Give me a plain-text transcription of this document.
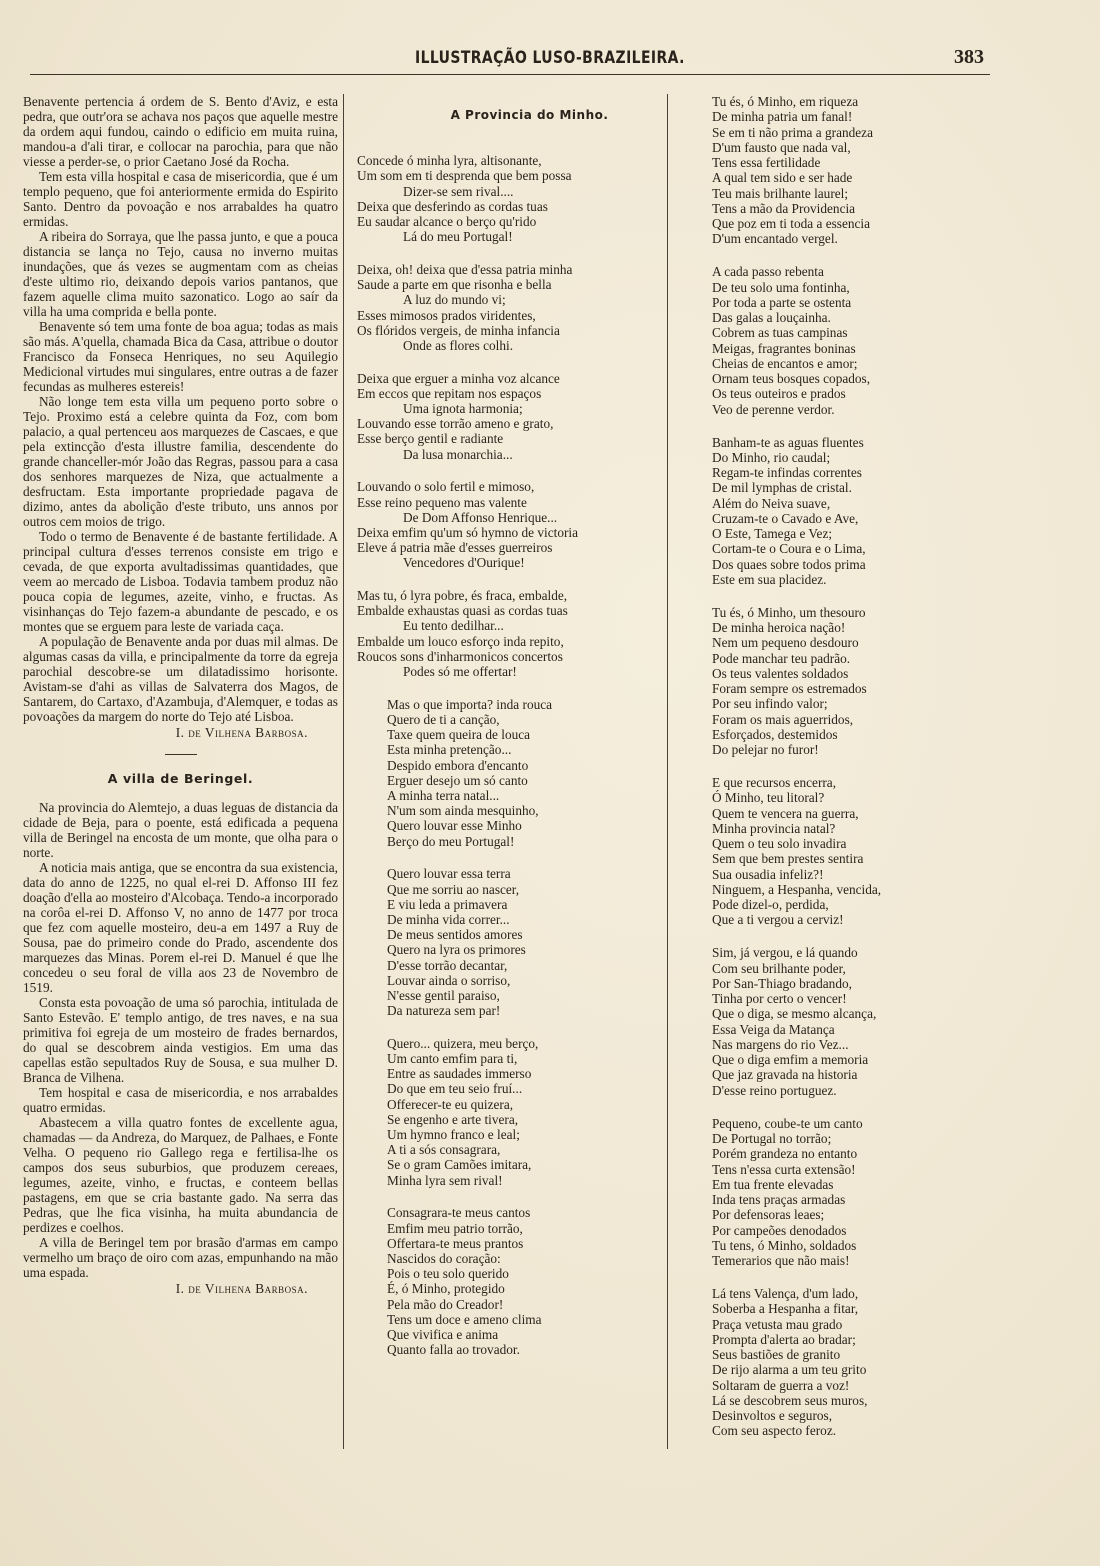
ILLUSTRAÇÃO LUSO-BRAZILEIRA.	383

Benavente pertencia á ordem de S. Bento d'Aviz, e esta pedra, que outr'ora se achava nos paços que aquelle mestre da ordem aqui fundou, caindo o edificio em muita ruina, mandou-a d'ali tirar, e collocar na parochia, para que não viesse a perder-se, o prior Caetano José da Rocha.

Tem esta villa hospital e casa de misericordia, que é um templo pequeno, que foi anteriormente ermida do Espirito Santo. Dentro da povoação e nos arrabaldes ha quatro ermidas.

A ribeira do Sorraya, que lhe passa junto, e que a pouca distancia se lança no Tejo, causa no inverno muitas inundações, que ás vezes se augmentam com as cheias d'este ultimo rio, deixando depois varios pantanos, que fazem aquelle clima muito sazonatico. Logo ao saír da villa ha uma comprida e bella ponte.

Benavente só tem uma fonte de boa agua; todas as mais são más. A'quella, chamada Bica da Casa, attribue o doutor Francisco da Fonseca Henriques, no seu Aquilegio Medicional virtudes mui singulares, entre outras a de fazer fecundas as mulheres estereis!

Não longe tem esta villa um pequeno porto sobre o Tejo. Proximo está a celebre quinta da Foz, com bom palacio, a qual pertenceu aos marquezes de Cascaes, e que pela extincção d'esta illustre familia, descendente do grande chanceller-mór João das Regras, passou para a casa dos senhores marquezes de Niza, que actualmente a desfructam. Esta importante propriedade pagava de dizimo, antes da abolição d'este tributo, uns annos por outros cem moios de trigo.

Todo o termo de Benavente é de bastante fertilidade. A principal cultura d'esses terrenos consiste em trigo e cevada, de que exporta avultadissimas quantidades, que veem ao mercado de Lisboa. Todavia tambem produz não pouca copia de legumes, azeite, vinho, e fructas. As visinhanças do Tejo fazem-a abundante de pescado, e os montes que se erguem para leste de variada caça.

A população de Benavente anda por duas mil almas. De algumas casas da villa, e principalmente da torre da egreja parochial descobre-se um dilatadissimo horisonte. Avistam-se d'ahi as villas de Salvaterra dos Magos, de Santarem, do Cartaxo, d'Azambuja, d'Alemquer, e todas as povoações da margem do norte do Tejo até Lisboa.

I. de Vilhena Barbosa.
A villa de Beringel.

Na provincia do Alemtejo, a duas leguas de distancia da cidade de Beja, para o poente, está edificada a pequena villa de Beringel na encosta de um monte, que olha para o norte.

A noticia mais antiga, que se encontra da sua existencia, data do anno de 1225, no qual el-rei D. Affonso III fez doação d'ella ao mosteiro d'Alcobaça. Tendo-a incorporado na corôa el-rei D. Affonso V, no anno de 1477 por troca que fez com aquelle mosteiro, deu-a em 1497 a Ruy de Sousa, pae do primeiro conde do Prado, ascendente dos marquezes das Minas. Porem el-rei D. Manuel é que lhe concedeu o seu foral de villa aos 23 de Novembro de 1519.

Consta esta povoação de uma só parochia, intitulada de Santo Estevão. E' templo antigo, de tres naves, e na sua primitiva foi egreja de um mosteiro de frades bernardos, do qual se descobrem ainda vestigios. Em uma das capellas estão sepultados Ruy de Sousa, e sua mulher D. Branca de Vilhena.

Tem hospital e casa de misericordia, e nos arrabaldes quatro ermidas.

Abastecem a villa quatro fontes de excellente agua, chamadas — da Andreza, do Marquez, de Palhaes, e Fonte Velha. O pequeno rio Gallego rega e fertilisa-lhe os campos dos seus suburbios, que produzem cereaes, legumes, azeite, vinho, e fructas, e conteem bellas pastagens, em que se cria bastante gado. Na serra das Pedras, que lhe fica visinha, ha muita abundancia de perdizes e coelhos.

A villa de Beringel tem por brasão d'armas em campo vermelho um braço de oiro com azas, empunhando na mão uma espada.

I. de Vilhena Barbosa.
A Provincia do Minho.
Concede ó minha lyra, altisonante,
Um som em ti desprenda que bem possa
Dizer-se sem rival....
Deixa que desferindo as cordas tuas
Eu saudar alcance o berço qu'rido
Lá do meu Portugal!
Deixa, oh! deixa que d'essa patria minha
Saude a parte em que risonha e bella
A luz do mundo vi;
Esses mimosos prados viridentes,
Os flóridos vergeis, de minha infancia
Onde as flores colhi.
Deixa que erguer a minha voz alcance
Em eccos que repitam nos espaços
Uma ignota harmonia;
Louvando esse torrão ameno e grato,
Esse berço gentil e radiante
Da lusa monarchia...
Louvando o solo fertil e mimoso,
Esse reino pequeno mas valente
De Dom Affonso Henrique...
Deixa emfim qu'um só hymno de victoria
Eleve á patria mãe d'esses guerreiros
Vencedores d'Ourique!
Mas tu, ó lyra pobre, és fraca, embalde,
Embalde exhaustas quasi as cordas tuas
Eu tento dedilhar...
Embalde um louco esforço inda repito,
Roucos sons d'inharmonicos concertos
Podes só me offertar!
Mas o que importa? inda rouca
Quero de ti a canção,
Taxe quem queira de louca
Esta minha pretenção...
Despido embora d'encanto
Erguer desejo um só canto
A minha terra natal...
N'um som ainda mesquinho,
Quero louvar esse Minho
Berço do meu Portugal!
Quero louvar essa terra
Que me sorriu ao nascer,
E viu leda a primavera
De minha vida correr...
De meus sentidos amores
Quero na lyra os primores
D'esse torrão decantar,
Louvar ainda o sorriso,
N'esse gentil paraiso,
Da natureza sem par!
Quero... quizera, meu berço,
Um canto emfim para ti,
Entre as saudades immerso
Do que em teu seio fruí...
Offerecer-te eu quizera,
Se engenho e arte tivera,
Um hymno franco e leal;
A ti a sós consagrara,
Se o gram Camões imitara,
Minha lyra sem rival!
Consagrara-te meus cantos
Emfim meu patrio torrão,
Offertara-te meus prantos
Nascidos do coração:
Pois o teu solo querido
É, ó Minho, protegido
Pela mão do Creador!
Tens um doce e ameno clima
Que vivifica e anima
Quanto falla ao trovador.
Tu és, ó Minho, em riqueza
De minha patria um fanal!
Se em ti não prima a grandeza
D'um fausto que nada val,
Tens essa fertilidade
A qual tem sido e ser hade
Teu mais brilhante laurel;
Tens a mão da Providencia
Que poz em ti toda a essencia
D'um encantado vergel.
A cada passo rebenta
De teu solo uma fontinha,
Por toda a parte se ostenta
Das galas a louçainha.
Cobrem as tuas campinas
Meigas, fragrantes boninas
Cheias de encantos e amor;
Ornam teus bosques copados,
Os teus outeiros e prados
Veo de perenne verdor.
Banham-te as aguas fluentes
Do Minho, rio caudal;
Regam-te infindas correntes
De mil lymphas de cristal.
Além do Neiva suave,
Cruzam-te o Cavado e Ave,
O Este, Tamega e Vez;
Cortam-te o Coura e o Lima,
Dos quaes sobre todos prima
Este em sua placidez.
Tu és, ó Minho, um thesouro
De minha heroica nação!
Nem um pequeno desdouro
Pode manchar teu padrão.
Os teus valentes soldados
Foram sempre os estremados
Por seu infindo valor;
Foram os mais aguerridos,
Esforçados, destemidos
Do pelejar no furor!
E que recursos encerra,
Ó Minho, teu litoral?
Quem te vencera na guerra,
Minha provincia natal?
Quem o teu solo invadira
Sem que bem prestes sentira
Sua ousadia infeliz?!
Ninguem, a Hespanha, vencida,
Pode dizel-o, perdida,
Que a ti vergou a cerviz!
Sim, já vergou, e lá quando
Com seu brilhante poder,
Por San-Thiago bradando,
Tinha por certo o vencer!
Que o diga, se mesmo alcança,
Essa Veiga da Matança
Nas margens do rio Vez...
Que o diga emfim a memoria
Que jaz gravada na historia
D'esse reino portuguez.
Pequeno, coube-te um canto
De Portugal no torrão;
Porém grandeza no entanto
Tens n'essa curta extensão!
Em tua frente elevadas
Inda tens praças armadas
Por defensoras leaes;
Por campeões denodados
Tu tens, ó Minho, soldados
Temerarios que não mais!
Lá tens Valença, d'um lado,
Soberba a Hespanha a fitar,
Praça vetusta mau grado
Prompta d'alerta ao bradar;
Seus bastiões de granito
De rijo alarma a um teu grito
Soltaram de guerra a voz!
Lá se descobrem seus muros,
Desinvoltos e seguros,
Com seu aspecto feroz.
